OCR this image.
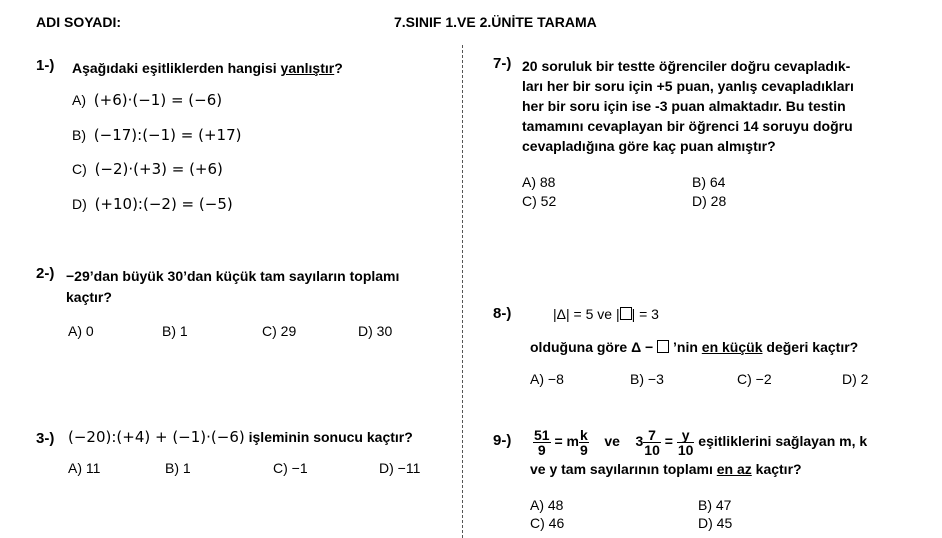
ADI SOYADI:	7.SINIF 1.VE 2.ÜNİTE TARAMA
1-) Aşağıdaki eşitliklerden hangisi yanlıştır?
A) (+6)·(−1) = (−6)
B) (−17):(−1) = (+17)
C) (−2)·(+3) = (+6)
D) (+10):(−2) = (−5)
2-) −29’dan büyük 30’dan küçük tam sayıların toplamı
kaçtır?
A) 0	B) 1	C) 29	D) 30
3-) (−20):(+4) + (−1)·(−6) işleminin sonucu kaçtır?
A) 11	B) 1	C) −1	D) −11
7-) 20 soruluk bir testte öğrenciler doğru cevapladık-
ları her bir soru için +5 puan, yanlış cevapladıkları
her bir soru için ise -3 puan almaktadır. Bu testin
tamamını cevaplayan bir öğrenci 14 soruyu doğru
cevapladığına göre kaç puan almıştır?
A) 88	B) 64
C) 52	D) 28
8-)	|Δ| = 5 ve | | = 3
olduğuna göre Δ −  ’nin en küçük değeri kaçtır?
A) −8	B) −3	C) −2	D) 2
$9-) \frac{51}{9} = m \frac{k}{9}$ ve $3 \frac{7}{10} = \frac{y}{10}$ eşitliklerini sağlayan m, k
ve y tam sayılarının toplamı en az kaçtır?
A) 48	B) 47
C) 46	D) 45
